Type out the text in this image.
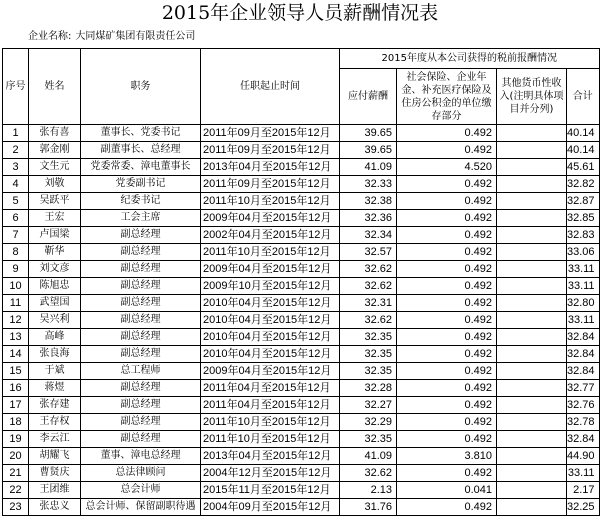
2015年企业领导人员薪酬情况表
企业名称: 大同煤矿集团有限责任公司
序号	姓名	职务	任职起止时间	2015年度从本公司获得的税前报酬情况			
				应付薪酬	社会保险、企业年金、补充医疗保险及住房公积金的单位缴存部分	其他货币性收入(注明具体项目并分列)	合计
1	张有喜	董事长、党委书记	2011年09月至2015年12月	39.65	0.492		40.14
2	郭金刚	副董事长、总经理	2011年09月至2015年12月	39.65	0.492		40.14
3	文生元	党委常委、漳电董事长	2013年04月至2015年12月	41.09	4.520		45.61
4	刘敬	党委副书记	2011年09月至2015年12月	32.33	0.492		32.82
5	吴跃平	纪委书记	2011年10月至2015年12月	32.38	0.492		32.87
6	王宏	工会主席	2009年04月至2015年12月	32.36	0.492		32.85
7	卢国梁	副总经理	2002年04月至2015年12月	32.34	0.492		32.83
8	靳华	副总经理	2011年10月至2015年12月	32.57	0.492		33.06
9	刘文彦	副总经理	2009年04月至2015年12月	32.62	0.492		33.11
10	陈旭忠	副总经理	2009年10月至2015年12月	32.62	0.492		33.11
11	武望国	副总经理	2010年04月至2015年12月	32.31	0.492		32.80
12	吴兴利	副总经理	2010年04月至2015年12月	32.62	0.492		33.11
13	高峰	副总经理	2010年04月至2015年12月	32.35	0.492		32.84
14	张良海	副总经理	2010年04月至2015年12月	32.35	0.492		32.84
15	于斌	总工程师	2009年04月至2015年12月	32.35	0.492		32.84
16	蒋煜	副总经理	2011年04月至2015年12月	32.28	0.492		32.77
17	张存建	副总经理	2011年04月至2015年12月	32.27	0.492		32.76
18	王存权	副总经理	2011年10月至2015年12月	32.29	0.492		32.78
19	李云江	副总经理	2011年10月至2015年12月	32.35	0.492		32.84
20	胡耀飞	董事、漳电总经理	2013年04月至2015年12月	41.09	3.810		44.90
21	曹贤庆	总法律顾问	2004年12月至2015年12月	32.62	0.492		33.11
22	王团维	总会计师	2015年11月至2015年12月	2.13	0.041		2.17
23	张忠义	总会计师、保留副职待遇	2004年09月至2015年12月	31.76	0.492		32.25
